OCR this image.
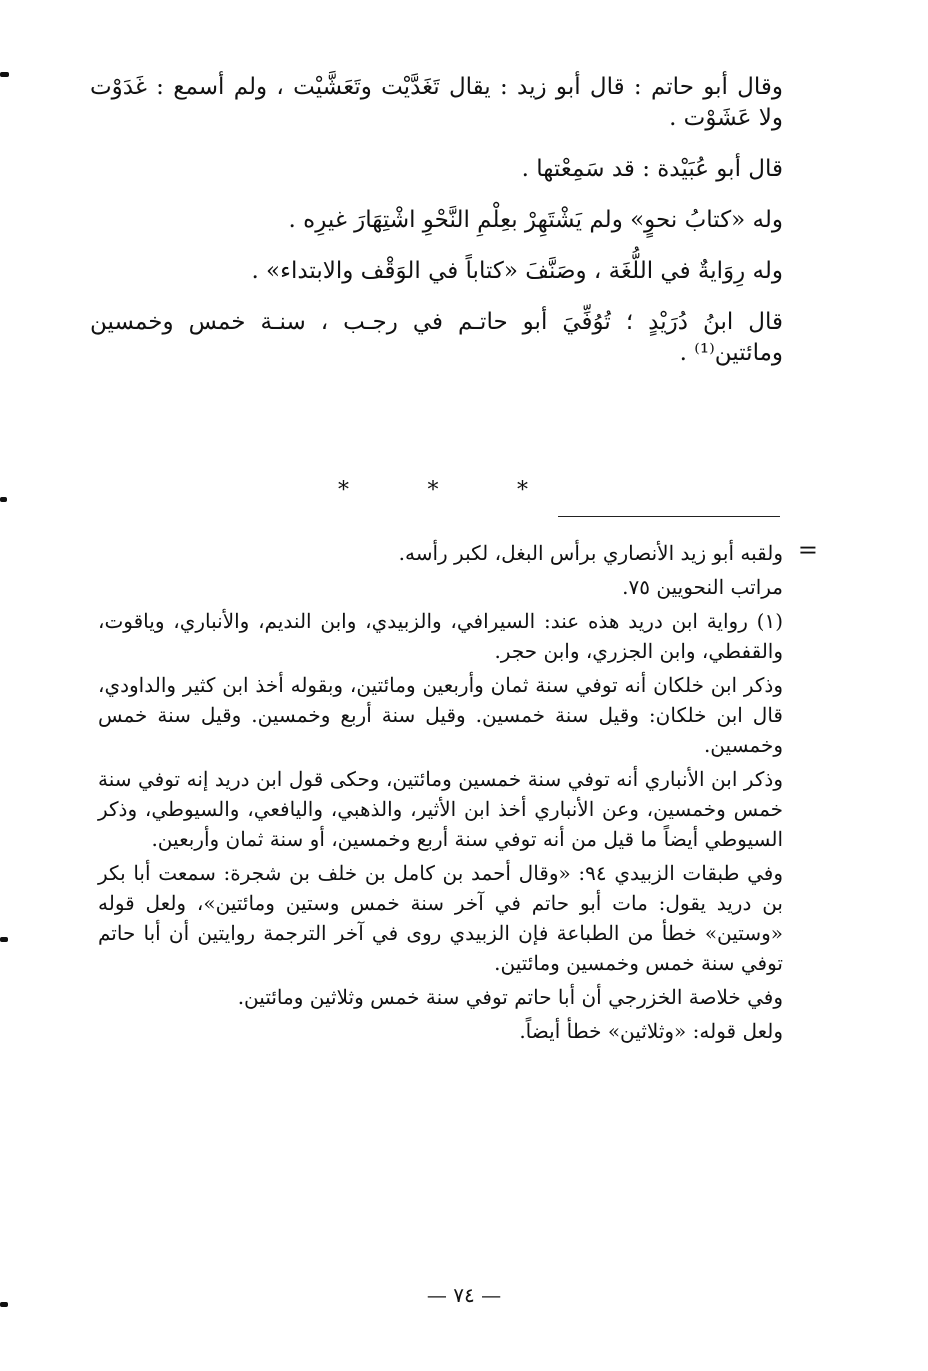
وقال أبو حاتم : قال أبو زيد : يقال تَغَدَّيْت وتَعَشَّيْت ، ولم أسمع : غَدَوْت ولا عَشَوْت .

قال أبو عُبَيْدة : قد سَمِعْتها .

وله «كتابُ نحوٍ» ولم يَشْتَهِرْ بعِلْمِ النَّحْوِ اشْتِهَارَ غيرِه .

وله رِوَايةٌ في اللُّغَة ، وصَنَّفَ «كتاباً في الوَقْف والابتداء» .

قال ابنُ دُرَيْدٍ ؛ تُوُفِّيَ أبو حاتـم في رجـب ، سنـة خمس وخمسين ومائتين⁽¹⁾ .

*	*	*
=

ولقبه أبو زيد الأنصاري برأس البغل، لكبر رأسه.

مراتب النحويين ٧٥.

(١) رواية ابن دريد هذه عند: السيرافي، والزبيدي، وابن النديم، والأنباري، وياقوت، والقفطي، وابن الجزري، وابن حجر.

وذكر ابن خلكان أنه توفي سنة ثمان وأربعين ومائتين، وبقوله أخذ ابن كثير والداودي، قال ابن خلكان: وقيل سنة خمسين. وقيل سنة أربع وخمسين. وقيل سنة خمس وخمسين.

وذكر ابن الأنباري أنه توفي سنة خمسين ومائتين، وحكى قول ابن دريد إنه توفي سنة خمس وخمسين، وعن الأنباري أخذ ابن الأثير، والذهبي، واليافعي، والسيوطي، وذكر السيوطي أيضاً ما قيل من أنه توفي سنة أربع وخمسين، أو سنة ثمان وأربعين.

وفي طبقات الزبيدي ٩٤: «وقال أحمد بن كامل بن خلف بن شجرة: سمعت أبا بكر بن دريد يقول: مات أبو حاتم في آخر سنة خمس وستين ومائتين»، ولعل قوله «وستين» خطأ من الطباعة فإن الزبيدي روى في آخر الترجمة روايتين أن أبا حاتم توفي سنة خمس وخمسين ومائتين.

وفي خلاصة الخزرجي أن أبا حاتم توفي سنة خمس وثلاثين ومائتين.

ولعل قوله: «وثلاثين» خطأ أيضاً.

— ٧٤ —
